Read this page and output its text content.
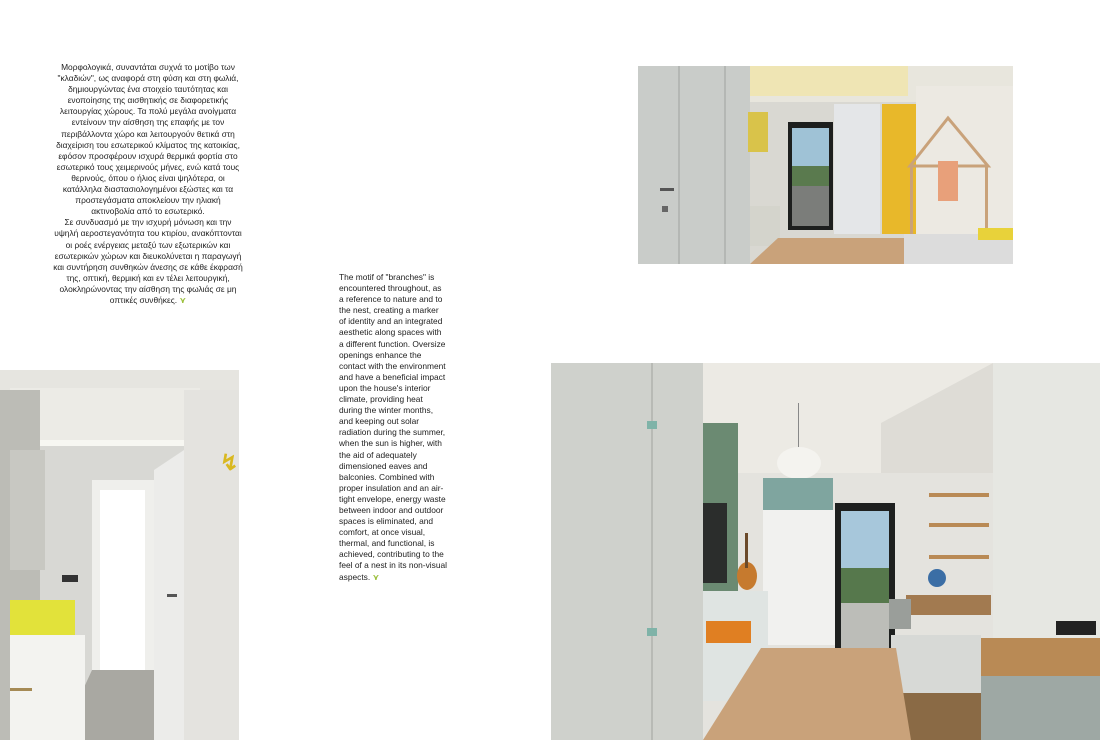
Μορφολογικά, συναντάται συχνά το μοτίβο των "κλαδιών", ως αναφορά στη φύση και στη φωλιά, δημιουργώντας ένα στοιχείο ταυτότητας και ενοποίησης της αισθητικής σε διαφορετικής λειτουργίας χώρους. Τα πολύ μεγάλα ανοίγματα εντείνουν την αίσθηση της επαφής με τον περιβάλλοντα χώρο και λειτουργούν θετικά στη διαχείριση του εσωτερικού κλίματος της κατοικίας, εφόσον προσφέρουν ισχυρά θερμικά φορτία στο εσωτερικό τους χειμερινούς μήνες, ενώ κατά τους θερινούς, όπου ο ήλιος είναι ψηλότερα, οι κατάλληλα διαστασιολογημένοι εξώστες και τα προστεγάσματα αποκλείουν την ηλιακή ακτινοβολία από το εσωτερικό.

Σε συνδυασμό με την ισχυρή μόνωση και την υψηλή αεροστεγανότητα του κτιρίου, ανακόπτονται οι ροές ενέργειας μεταξύ των εξωτερικών και εσωτερικών χώρων και διευκολύνεται η παραγωγή και συντήρηση συνθηκών άνεσης σε κάθε έκφρασή της, οπτική, θερμική και εν τέλει λειτουργική, ολοκληρώνοντας την αίσθηση της φωλιάς σε μη οπτικές συνθήκες. ⋎

The motif of "branches" is encountered throughout, as a reference to nature and to the nest, creating a marker of identity and an integrated aesthetic along spaces with a different function. Oversize openings enhance the contact with the environment and have a beneficial impact upon the house's interior climate, providing heat during the winter months, and keeping out solar radiation during the summer, when the sun is higher, with the aid of adequately dimensioned eaves and balconies. Combined with proper insulation and an air-tight envelope, energy waste between indoor and outdoor spaces is eliminated, and comfort, at once visual, thermal, and functional, is achieved, contributing to the feel of a nest in its non-visual aspects. ⋎

↯
